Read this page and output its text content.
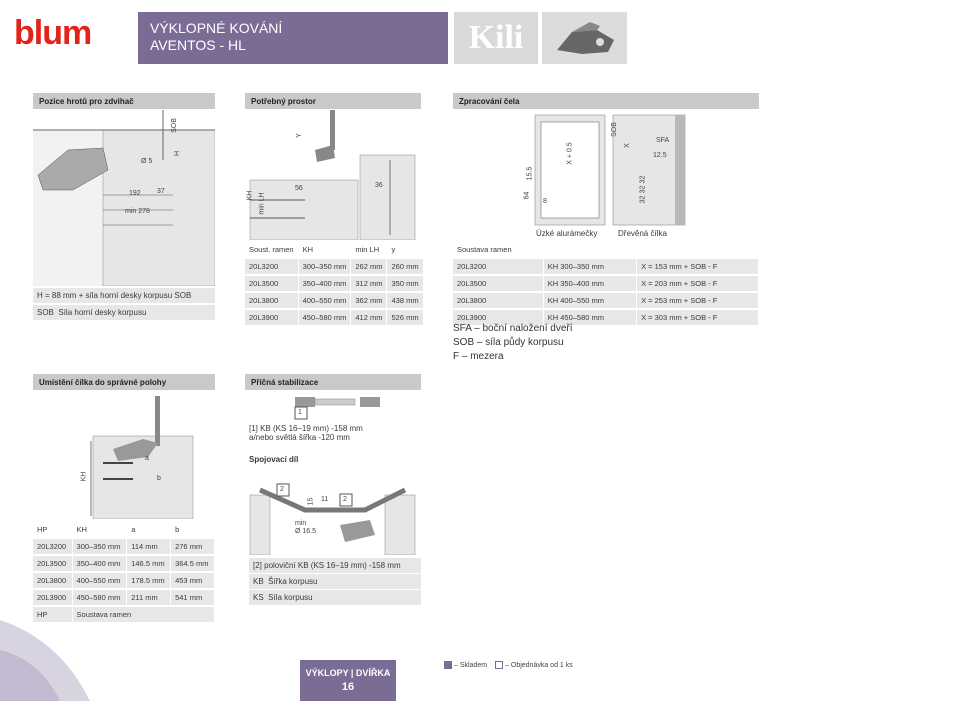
blum	VÝKLOPNÉ KOVÁNÍ
AVENTOS - HL	Kili
Pozice hrotů pro zdvihač
SOB
H
Ø 5
192 37
min 278
H = 88 mm + síla horní desky korpusu SOB
SOB Síla horní desky korpusu
Potřebný prostor
Y
KH min LH
56	36
Soust. ramen	KH	min LH	y
20L3200	300–350 mm	262 mm	260 mm
20L3500	350–400 mm	312 mm	350 mm
20L3800	400–550 mm	362 mm	438 mm
20L3900	450–580 mm	412 mm	526 mm
Zpracování čela
SOB
X + 0.5	X
SFA
12.5
15.5
64
8
32
32
32
Úzké alurámečky	Dřevěná čílka
Soustava ramen		
20L3200	KH 300–350 mm	X = 153 mm + SOB - F
20L3500	KH 350–400 mm	X = 203 mm + SOB - F
20L3800	KH 400–550 mm	X = 253 mm + SOB - F
20L3900	KH 450–580 mm	X = 303 mm + SOB - F
SFA – boční naložení dveří
SOB – síla půdy korpusu
F – mezera
Umístění čílka do správné polohy
KH
a
b
HP	KH	a	b
20L3200	300–350 mm	114 mm	276 mm
20L3500	350–400 mm	146.5 mm	364.5 mm
20L3800	400–550 mm	178.5 mm	453 mm
20L3900	450–580 mm	211 mm	541 mm
HP	Soustava ramen		
Příčná stabilizace
1
[1] KB (KS 16–19 mm) -158 mm
a/nebo světlá šířka -120 mm
Spojovací díl
2
2
15 11
min
Ø 16.5
[2] poloviční KB (KS 16–19 mm) -158 mm
KB Šířka korpusu
KS Síla korpusu
VÝKLOPY | DVÍŘKA
16
– Skladem	– Objednávka od 1 ks
